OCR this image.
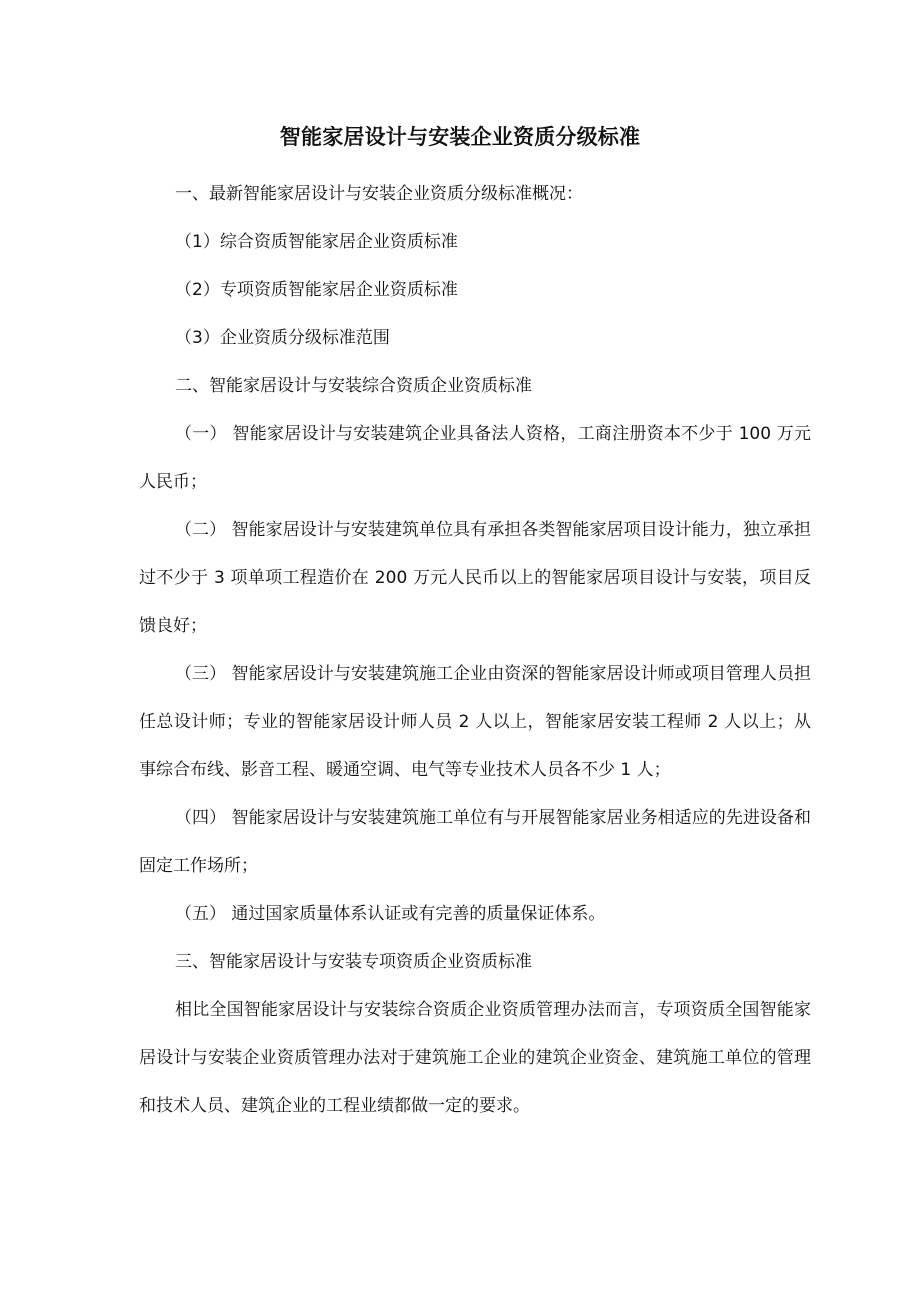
智能家居设计与安装企业资质分级标准

一、最新智能家居设计与安装企业资质分级标准概况：

（1）综合资质智能家居企业资质标准

（2）专项资质智能家居企业资质标准

（3）企业资质分级标准范围

二、智能家居设计与安装综合资质企业资质标准

（一） 智能家居设计与安装建筑企业具备法人资格，工商注册资本不少于 100 万元人民币；

（二） 智能家居设计与安装建筑单位具有承担各类智能家居项目设计能力，独立承担过不少于 3 项单项工程造价在 200 万元人民币以上的智能家居项目设计与安装，项目反馈良好；

（三） 智能家居设计与安装建筑施工企业由资深的智能家居设计师或项目管理人员担任总设计师；专业的智能家居设计师人员 2 人以上，智能家居安装工程师 2 人以上；从事综合布线、影音工程、暖通空调、电气等专业技术人员各不少 1 人；

（四） 智能家居设计与安装建筑施工单位有与开展智能家居业务相适应的先进设备和固定工作场所；

（五） 通过国家质量体系认证或有完善的质量保证体系。

三、智能家居设计与安装专项资质企业资质标准

相比全国智能家居设计与安装综合资质企业资质管理办法而言，专项资质全国智能家居设计与安装企业资质管理办法对于建筑施工企业的建筑企业资金、建筑施工单位的管理和技术人员、建筑企业的工程业绩都做一定的要求。
